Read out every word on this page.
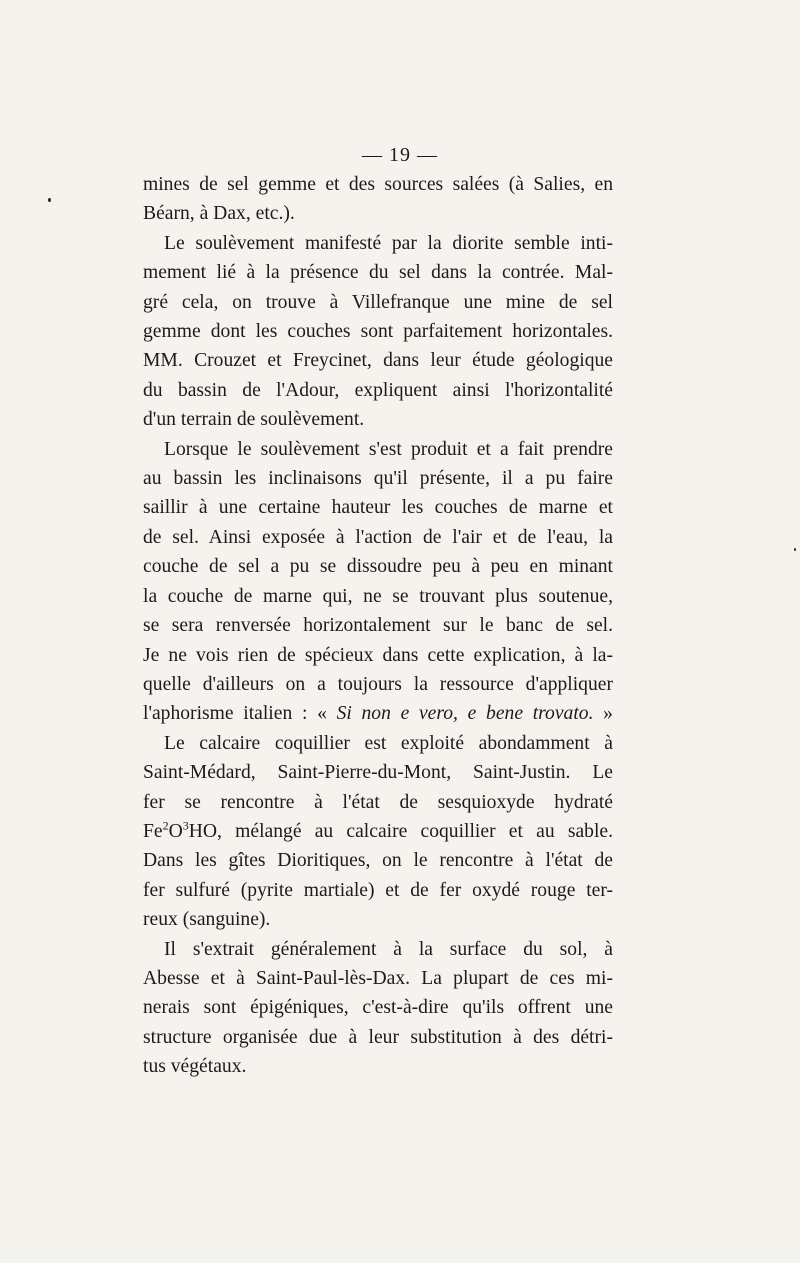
— 19 —
mines de sel gemme et des sources salées (à Salies, en
Béarn, à Dax, etc.).
Le soulèvement manifesté par la diorite semble inti-
mement lié à la présence du sel dans la contrée. Mal-
gré cela, on trouve à Villefranque une mine de sel
gemme dont les couches sont parfaitement horizontales.
MM. Crouzet et Freycinet, dans leur étude géologique
du bassin de l'Adour, expliquent ainsi l'horizontalité
d'un terrain de soulèvement.
Lorsque le soulèvement s'est produit et a fait prendre
au bassin les inclinaisons qu'il présente, il a pu faire
saillir à une certaine hauteur les couches de marne et
de sel. Ainsi exposée à l'action de l'air et de l'eau, la
couche de sel a pu se dissoudre peu à peu en minant
la couche de marne qui, ne se trouvant plus soutenue,
se sera renversée horizontalement sur le banc de sel.
Je ne vois rien de spécieux dans cette explication, à la-
quelle d'ailleurs on a toujours la ressource d'appliquer
l'aphorisme italien : « Si non e vero, e bene trovato. »
Le calcaire coquillier est exploité abondamment à
Saint-Médard, Saint-Pierre-du-Mont, Saint-Justin. Le
fer se rencontre à l'état de sesquioxyde hydraté
$Fe^2O^3HO$, mélangé au calcaire coquillier et au sable.
Dans les gîtes Dioritiques, on le rencontre à l'état de
fer sulfuré (pyrite martiale) et de fer oxydé rouge ter-
reux (sanguine).
Il s'extrait généralement à la surface du sol, à
Abesse et à Saint-Paul-lès-Dax. La plupart de ces mi-
nerais sont épigéniques, c'est-à-dire qu'ils offrent une
structure organisée due à leur substitution à des détri-
tus végétaux.
